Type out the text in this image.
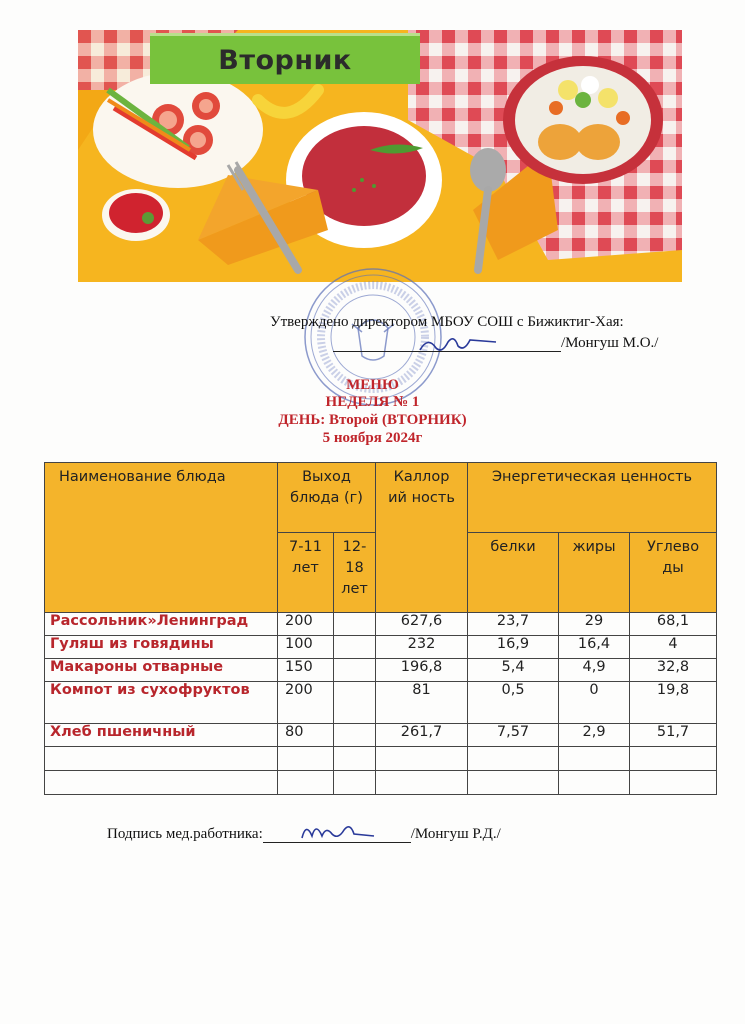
Вторник
Утверждено директором МБОУ СОШ с Бижиктиг-Хая:
/Монгуш М.О./
МЕНЮ
НЕДЕЛЯ № 1
ДЕНЬ: Второй (ВТОРНИК)
5 ноября 2024г
Наименование блюда	Выход блюда (г)		Каллор ий ность	Энергетическая ценность		
	7-11 лет	12- 18 лет		белки	жиры	Углево ды
Рассольник»Ленинград	200		627,6	23,7	29	68,1
Гуляш из говядины	100		232	16,9	16,4	4
Макароны отварные	150		196,8	5,4	4,9	32,8
Компот из сухофруктов	200		81	0,5	0	19,8
Хлеб пшеничный	80		261,7	7,57	2,9	51,7

Подпись мед.работника:	/Монгуш Р.Д./
